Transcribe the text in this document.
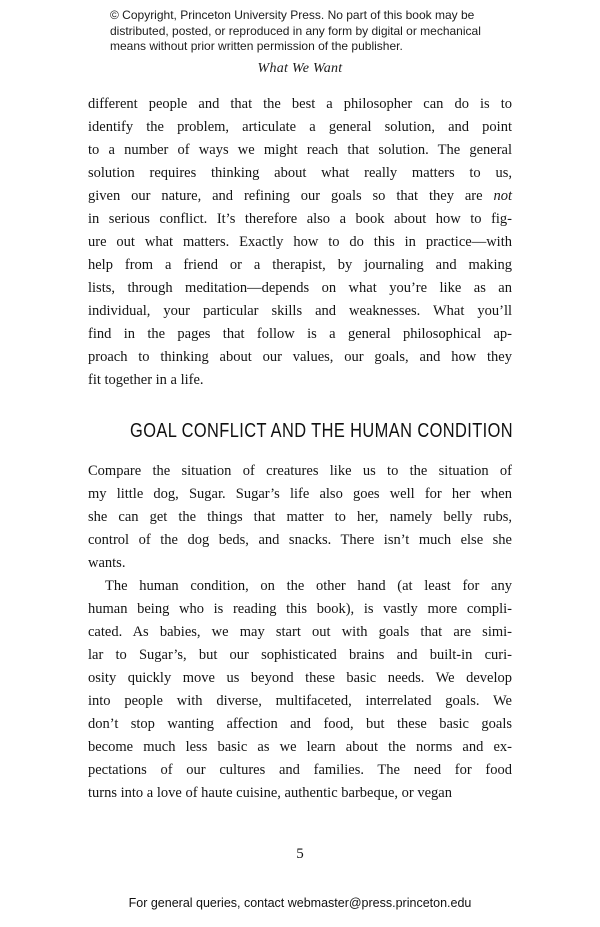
© Copyright, Princeton University Press. No part of this book may be
distributed, posted, or reproduced in any form by digital or mechanical
means without prior written permission of the publisher.
What We Want
different people and that the best a philosopher can do is to
identify the problem, articulate a general solution, and point
to a number of ways we might reach that solution. The general
solution requires thinking about what really matters to us,
given our nature, and refining our goals so that they are not
in serious conflict. It’s therefore also a book about how to fig-
ure out what matters. Exactly how to do this in practice—with
help from a friend or a therapist, by journaling and making
lists, through meditation—depends on what you’re like as an
individual, your particular skills and weaknesses. What you’ll
find in the pages that follow is a general philosophical ap-
proach to thinking about our values, our goals, and how they
fit together in a life.
GOAL CONFLICT AND THE HUMAN CONDITION
Compare the situation of creatures like us to the situation of
my little dog, Sugar. Sugar’s life also goes well for her when
she can get the things that matter to her, namely belly rubs,
control of the dog beds, and snacks. There isn’t much else she
wants.
The human condition, on the other hand (at least for any
human being who is reading this book), is vastly more compli-
cated. As babies, we may start out with goals that are simi-
lar to Sugar’s, but our sophisticated brains and built-in curi-
osity quickly move us beyond these basic needs. We develop
into people with diverse, multifaceted, interrelated goals. We
don’t stop wanting affection and food, but these basic goals
become much less basic as we learn about the norms and ex-
pectations of our cultures and families. The need for food
turns into a love of haute cuisine, authentic barbeque, or vegan
5
For general queries, contact webmaster@press.princeton.edu
